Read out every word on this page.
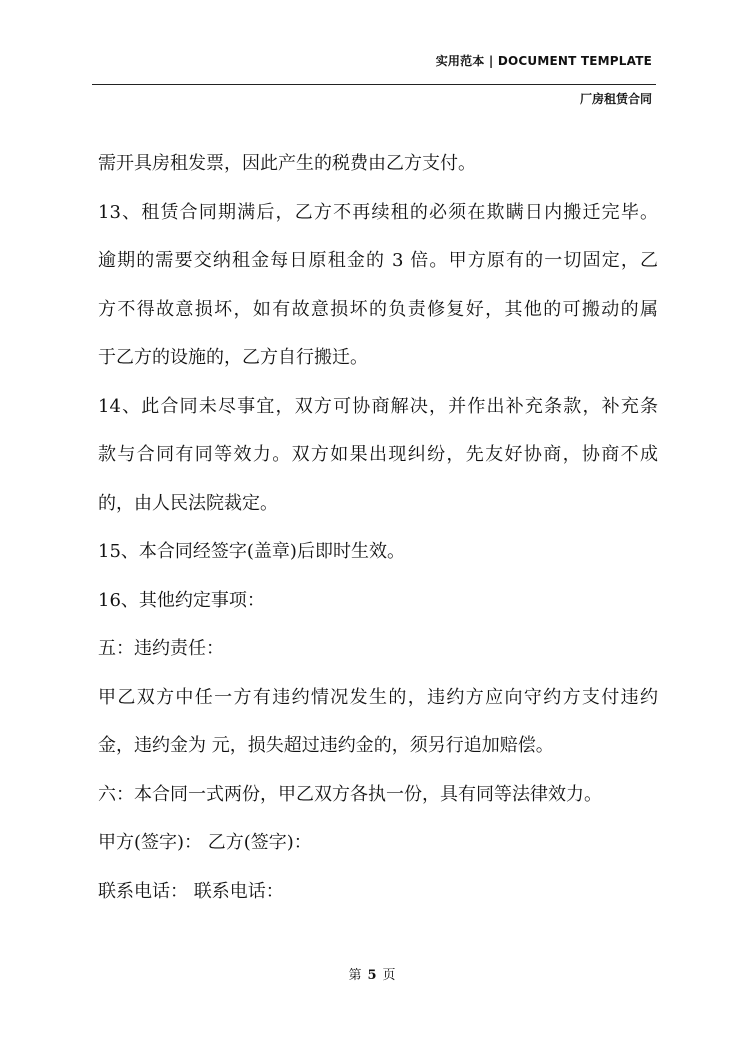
实用范本 | DOCUMENT TEMPLATE
厂房租赁合同
需开具房租发票，因此产生的税费由乙方支付。
13、租赁合同期满后，乙方不再续租的必须在欺瞒日内搬迁完毕。
逾期的需要交纳租金每日原租金的 3 倍。甲方原有的一切固定，乙
方不得故意损坏，如有故意损坏的负责修复好，其他的可搬动的属
于乙方的设施的，乙方自行搬迁。
14、此合同未尽事宜，双方可协商解决，并作出补充条款，补充条
款与合同有同等效力。双方如果出现纠纷，先友好协商，协商不成
的，由人民法院裁定。
15、本合同经签字(盖章)后即时生效。
16、其他约定事项：
五：违约责任：
甲乙双方中任一方有违约情况发生的，违约方应向守约方支付违约
金，违约金为 元，损失超过违约金的，须另行追加赔偿。
六：本合同一式两份，甲乙双方各执一份，具有同等法律效力。
甲方(签字)： 乙方(签字)：
联系电话： 联系电话：
第 5 页
